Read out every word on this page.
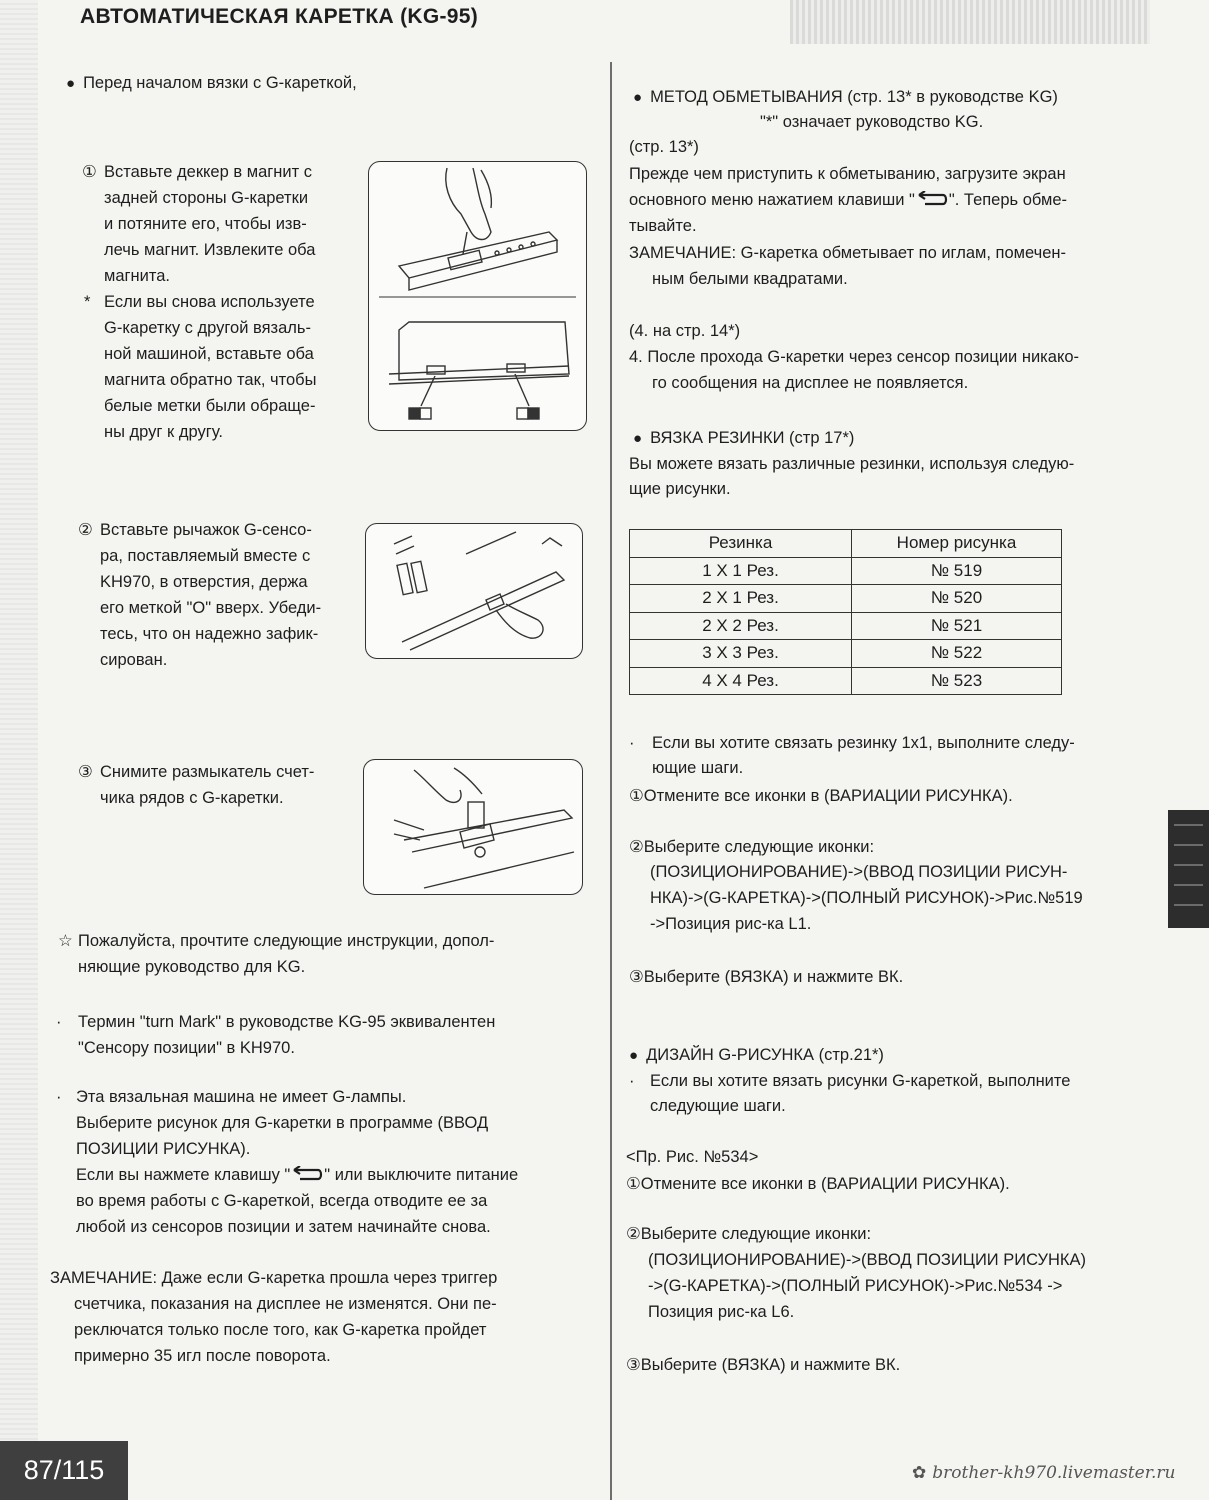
АВТОМАТИЧЕСКАЯ КАРЕТКА (KG-95)
● Перед началом вязки с G-кареткой,
① Вставьте деккер в магнит с
задней стороны G-каретки
и потяните его, чтобы изв-
лечь магнит. Извлеките оба
магнита.
* Если вы снова используете
G-каретку с другой вязаль-
ной машиной, вставьте оба
магнита обратно так, чтобы
белые метки были обраще-
ны друг к другу.
② Вставьте рычажок G-сенсо-
ра, поставляемый вместе с
KH970, в отверстия, держа
его меткой "О" вверх. Убеди-
тесь, что он надежно зафик-
сирован.
③ Снимите размыкатель счет-
чика рядов с G-каретки.
☆ Пожалуйста, прочтите следующие инструкции, допол-
няющие руководство для KG.
· Термин "turn Mark" в руководстве KG-95 эквивалентен
"Сенсору позиции" в KH970.
· Эта вязальная машина не имеет G-лампы.
Выберите рисунок для G-каретки в программе (ВВОД
ПОЗИЦИИ РИСУНКА).
Если вы нажмете клавишу " " или выключите питание
во время работы с G-кареткой, всегда отводите ее за
любой из сенсоров позиции и затем начинайте снова.
ЗАМЕЧАНИЕ: Даже если G-каретка прошла через триггер
счетчика, показания на дисплее не изменятся. Они пе-
реключатся только после того, как G-каретка пройдет
примерно 35 игл после поворота.
● МЕТОД ОБМЕТЫВАНИЯ (стр. 13* в руководстве KG)
"*" означает руководство KG.
(стр. 13*)
Прежде чем приступить к обметыванию, загрузите экран
основного меню нажатием клавиши " ". Теперь обме-
тывайте.
ЗАМЕЧАНИЕ: G-каретка обметывает по иглам, помечен-
ным белыми квадратами.
(4. на стр. 14*)
4. После прохода G-каретки через сенсор позиции никако-
го сообщения на дисплее не появляется.
● ВЯЗКА РЕЗИНКИ (стр 17*)
Вы можете вязать различные резинки, используя следую-
щие рисунки.
Резинка	Номер рисунка
1 X 1 Рез.	№ 519
2 X 1 Рез.	№ 520
2 X 2 Рез.	№ 521
3 X 3 Рез.	№ 522
4 X 4 Рез.	№ 523
· Если вы хотите связать резинку 1x1, выполните следу-
ющие шаги.
①Отмените все иконки в (ВАРИАЦИИ РИСУНКА).
②Выберите следующие иконки:
(ПОЗИЦИОНИРОВАНИЕ)->(ВВОД ПОЗИЦИИ РИСУН-
НКА)->(G-КАРЕТКА)->(ПОЛНЫЙ РИСУНОК)->Рис.№519
->Позиция рис-ка L1.
③Выберите (ВЯЗКА) и нажмите ВК.
● ДИЗАЙН G-РИСУНКА (стр.21*)
· Если вы хотите вязать рисунки G-кареткой, выполните
следующие шаги.
<Пр. Рис. №534>
①Отмените все иконки в (ВАРИАЦИИ РИСУНКА).
②Выберите следующие иконки:
(ПОЗИЦИОНИРОВАНИЕ)->(ВВОД ПОЗИЦИИ РИСУНКА)
->(G-КАРЕТКА)->(ПОЛНЫЙ РИСУНОК)->Рис.№534 ->
Позиция рис-ка L6.
③Выберите (ВЯЗКА) и нажмите ВК.
87/115	✿ brother-kh970.livemaster.ru
